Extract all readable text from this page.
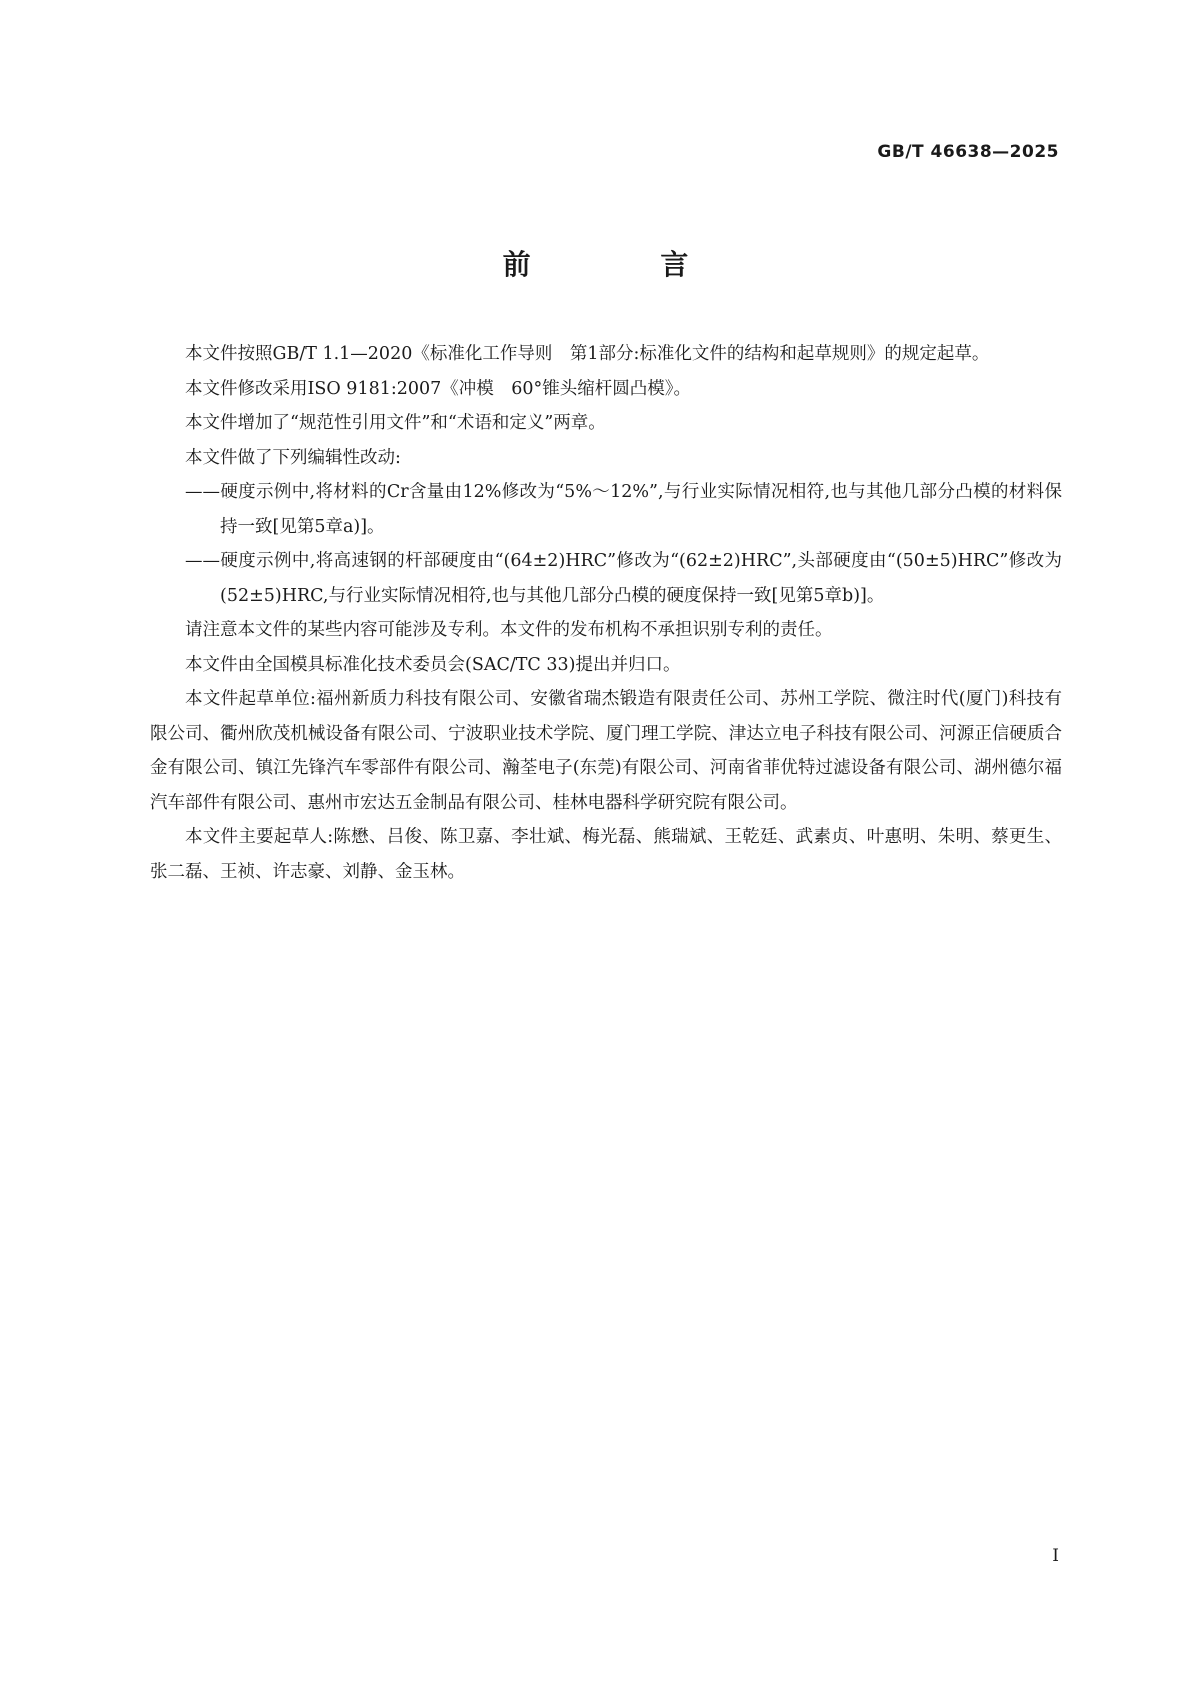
GB/T 46638—2025
前 言

本文件按照GB/T 1.1—2020《标准化工作导则　第1部分:标准化文件的结构和起草规则》的规定起草。

本文件修改采用ISO 9181:2007《冲模　60°锥头缩杆圆凸模》。

本文件增加了“规范性引用文件”和“术语和定义”两章。

本文件做了下列编辑性改动:

——硬度示例中,将材料的Cr含量由12%修改为“5%～12%”,与行业实际情况相符,也与其他几部分凸模的材料保持一致[见第5章a)]。

——硬度示例中,将高速钢的杆部硬度由“(64±2)HRC”修改为“(62±2)HRC”,头部硬度由“(50±5)HRC”修改为(52±5)HRC,与行业实际情况相符,也与其他几部分凸模的硬度保持一致[见第5章b)]。

请注意本文件的某些内容可能涉及专利。本文件的发布机构不承担识别专利的责任。

本文件由全国模具标准化技术委员会(SAC/TC 33)提出并归口。

本文件起草单位:福州新质力科技有限公司、安徽省瑞杰锻造有限责任公司、苏州工学院、微注时代(厦门)科技有限公司、衢州欣茂机械设备有限公司、宁波职业技术学院、厦门理工学院、津达立电子科技有限公司、河源正信硬质合金有限公司、镇江先锋汽车零部件有限公司、瀚荃电子(东莞)有限公司、河南省菲优特过滤设备有限公司、湖州德尔福汽车部件有限公司、惠州市宏达五金制品有限公司、桂林电器科学研究院有限公司。

本文件主要起草人:陈懋、吕俊、陈卫嘉、李壮斌、梅光磊、熊瑞斌、王乾廷、武素贞、叶惠明、朱明、蔡更生、张二磊、王祯、许志豪、刘静、金玉林。

I
